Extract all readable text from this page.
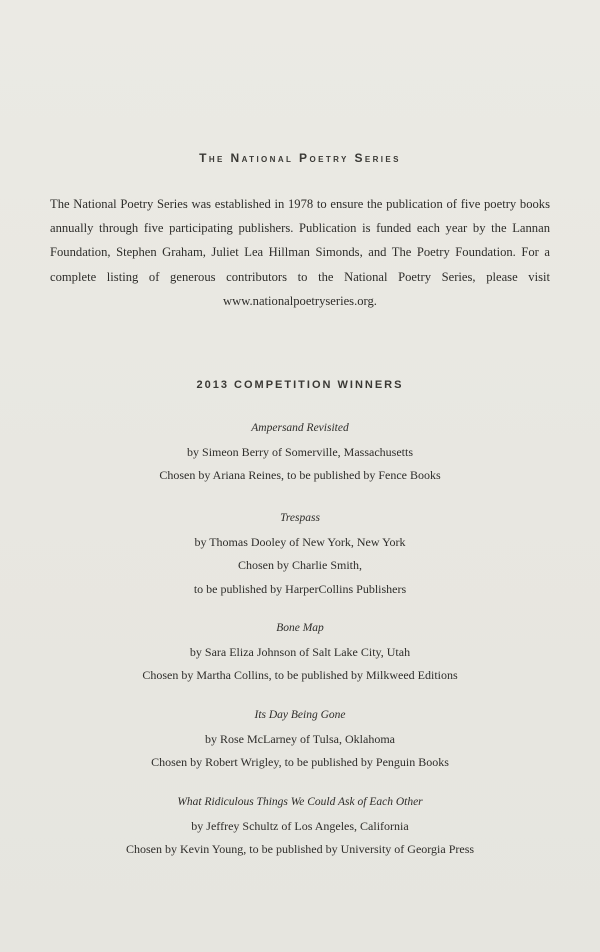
The National Poetry Series

The National Poetry Series was established in 1978 to ensure the publication of five poetry books annually through five participating publishers. Publication is funded each year by the Lannan Foundation, Stephen Graham, Juliet Lea Hillman Simonds, and The Poetry Foundation. For a complete listing of generous contributors to the National Poetry Series, please visit www.nationalpoetryseries.org.

2013 COMPETITION WINNERS
Ampersand Revisited
by Simeon Berry of Somerville, Massachusetts
Chosen by Ariana Reines, to be published by Fence Books
Trespass
by Thomas Dooley of New York, New York
Chosen by Charlie Smith,
to be published by HarperCollins Publishers
Bone Map
by Sara Eliza Johnson of Salt Lake City, Utah
Chosen by Martha Collins, to be published by Milkweed Editions
Its Day Being Gone
by Rose McLarney of Tulsa, Oklahoma
Chosen by Robert Wrigley, to be published by Penguin Books
What Ridiculous Things We Could Ask of Each Other
by Jeffrey Schultz of Los Angeles, California
Chosen by Kevin Young, to be published by University of Georgia Press
